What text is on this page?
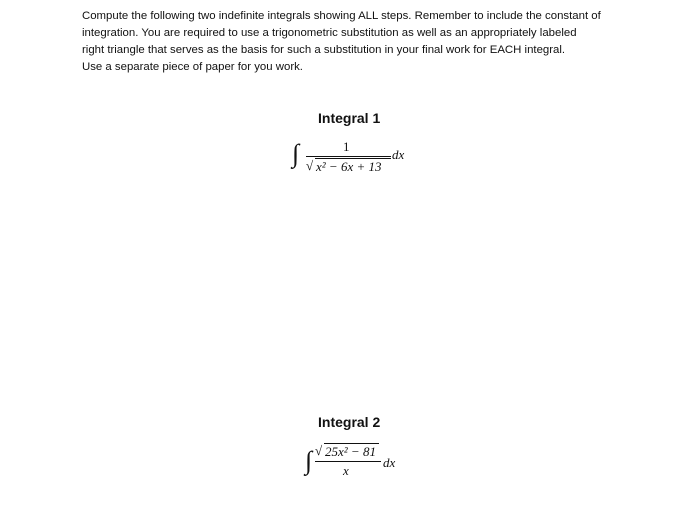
Compute the following two indefinite integrals showing ALL steps. Remember to include the constant of

integration. You are required to use a trigonometric substitution as well as an appropriately labeled

right triangle that serves as the basis for such a substitution in your final work for EACH integral.

Use a separate piece of paper for you work.

Integral 1
∫	1
√ x² − 6x + 13
dx
Integral 2
∫ √ 25x² − 81
x
dx
